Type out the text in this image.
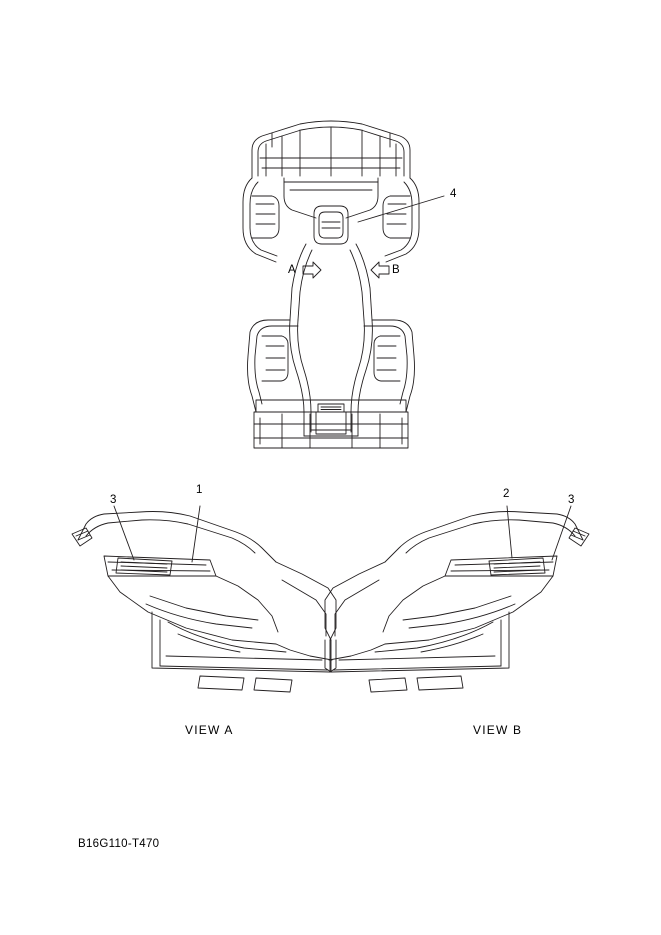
4
A	B
3
1	2	3
VIEW A	VIEW B
B16G110-T470
